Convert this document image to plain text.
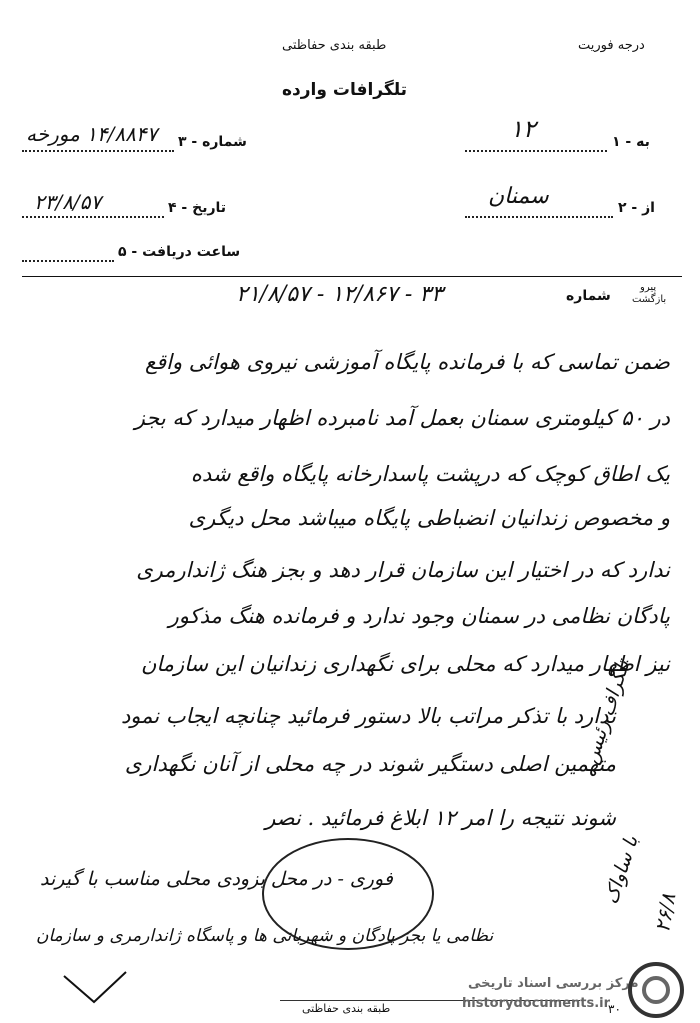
درجه فوریت
طبقه بندی حفاظتی
تلگرافات وارده
۱ - به
۱۲
۳ - شماره
۱۴/۸۸۴۷ مورخه
۲ - از
سمنان
۴ - تاریخ
۲۳/۸/۵۷
۵ - ساعت دریافت
پیرو
بازگشت
شماره
۳۳ - ۱۲/۸۶۷ - ۲۱/۸/۵۷
ضمن تماسی که با فرمانده پایگاه آموزشی نیروی هوائی واقع
در ۵۰ کیلومتری سمنان بعمل آمد نامبرده اظهار میدارد که بجز
یک اطاق کوچک که درپشت پاسدارخانه پایگاه واقع شده
و مخصوص زندانیان انضباطی پایگاه میباشد محل دیگری
ندارد که در اختیار این سازمان قرار دهد و بجز هنگ ژاندارمری
پادگان نظامی در سمنان وجود ندارد و فرمانده هنگ مذکور
نیز اظهار میدارد که محلی برای نگهداری زندانیان این سازمان
ندارد با تذکر مراتب بالا دستور فرمائید چنانچه ایجاب نمود
متهمین اصلی دستگیر شوند در چه محلی از آنان نگهداری
شوند نتیجه را امر ۱۲ ابلاغ فرمائید . نصر
فوری - در محل بزودی محلی مناسب با گیرند
نظامی یا بجز پادگان و شهربانی ها و پاسگاه ژاندارمری و سازمان
تلگراف رئیس
با ساواک
۲۶/۸
طبقه بندی حفاظتی	۳۰
مرکز بررسی اسناد تاریخی
historydocuments.ir
